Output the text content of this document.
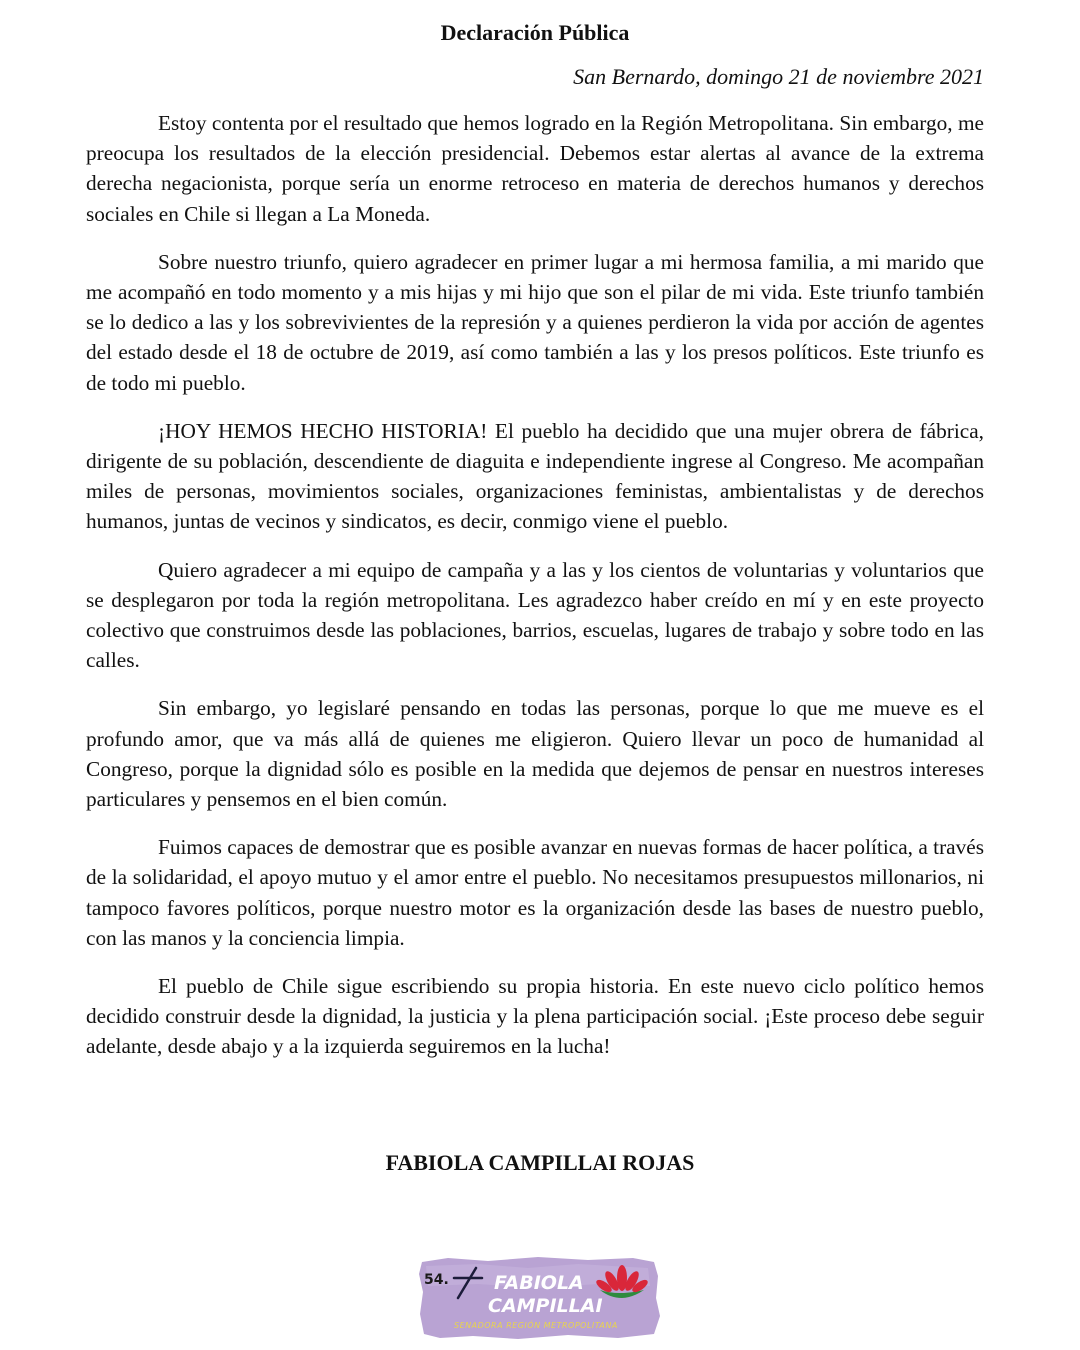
Declaración Pública

San Bernardo, domingo 21 de noviembre 2021

Estoy contenta por el resultado que hemos logrado en la Región Metropolitana. Sin embargo, me preocupa los resultados de la elección presidencial. Debemos estar alertas al avance de la extrema derecha negacionista, porque sería un enorme retroceso en materia de derechos humanos y derechos sociales en Chile si llegan a La Moneda.

Sobre nuestro triunfo, quiero agradecer en primer lugar a mi hermosa familia, a mi marido que me acompañó en todo momento y a mis hijas y mi hijo que son el pilar de mi vida. Este triunfo también se lo dedico a las y los sobrevivientes de la represión y a quienes perdieron la vida por acción de agentes del estado desde el 18 de octubre de 2019, así como también a las y los presos políticos. Este triunfo es de todo mi pueblo.

¡HOY HEMOS HECHO HISTORIA! El pueblo ha decidido que una mujer obrera de fábrica, dirigente de su población, descendiente de diaguita e independiente ingrese al Congreso. Me acompañan miles de personas, movimientos sociales, organizaciones feministas, ambientalistas y de derechos humanos, juntas de vecinos y sindicatos, es decir, conmigo viene el pueblo.

Quiero agradecer a mi equipo de campaña y a las y los cientos de voluntarias y voluntarios que se desplegaron por toda la región metropolitana. Les agradezco haber creído en mí y en este proyecto colectivo que construimos desde las poblaciones, barrios, escuelas, lugares de trabajo y sobre todo en las calles.

Sin embargo, yo legislaré pensando en todas las personas, porque lo que me mueve es el profundo amor, que va más allá de quienes me eligieron. Quiero llevar un poco de humanidad al Congreso, porque la dignidad sólo es posible en la medida que dejemos de pensar en nuestros intereses particulares y pensemos en el bien común.

Fuimos capaces de demostrar que es posible avanzar en nuevas formas de hacer política, a través de la solidaridad, el apoyo mutuo y el amor entre el pueblo. No necesitamos presupuestos millonarios, ni tampoco favores políticos, porque nuestro motor es la organización desde las bases de nuestro pueblo, con las manos y la conciencia limpia.

El pueblo de Chile sigue escribiendo su propia historia. En este nuevo ciclo político hemos decidido construir desde la dignidad, la justicia y la plena participación social. ¡Este proceso debe seguir adelante, desde abajo y a la izquierda seguiremos en la lucha!

FABIOLA CAMPILLAI ROJAS
54. FABIOLA
CAMPILLAI
SENADORA REGIÓN METROPOLITANA
